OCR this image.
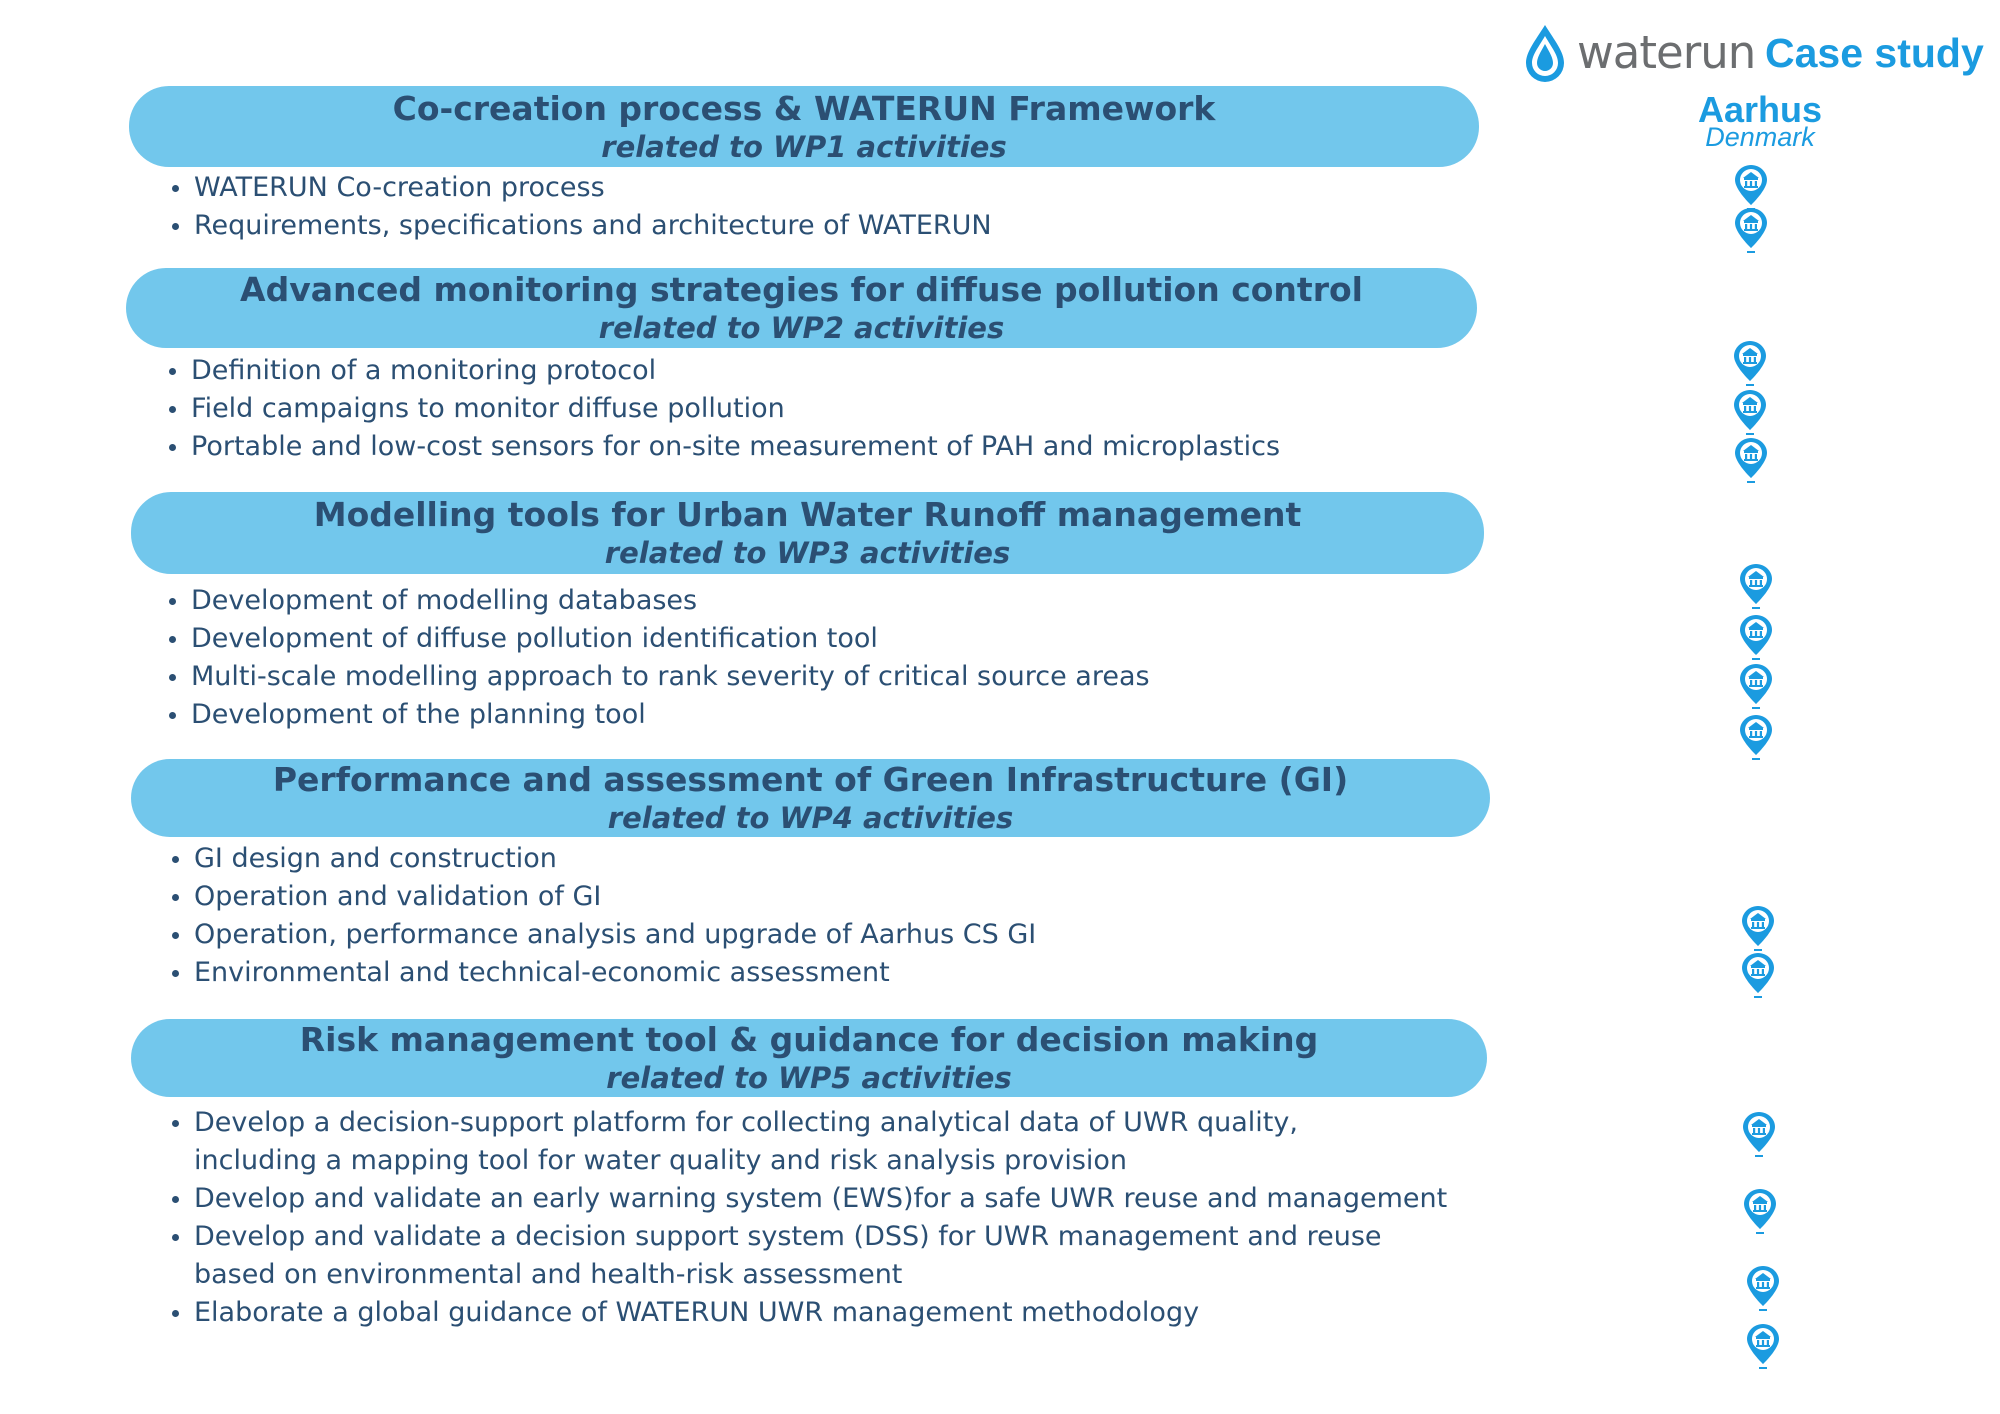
waterun Case study
Aarhus
Denmark
Co-creation process & WATERUN Framework
related to WP1 activities
WATERUN Co-creation process
Requirements, specifications and architecture of WATERUN
Advanced monitoring strategies for diffuse pollution control
related to WP2 activities
Definition of a monitoring protocol
Field campaigns to monitor diffuse pollution
Portable and low-cost sensors for on-site measurement of PAH and microplastics
Modelling tools for Urban Water Runoff management
related to WP3 activities
Development of modelling databases
Development of diffuse pollution identification tool
Multi-scale modelling approach to rank severity of critical source areas
Development of the planning tool
Performance and assessment of Green Infrastructure (GI)
related to WP4 activities
GI design and construction
Operation and validation of GI
Operation, performance analysis and upgrade of Aarhus CS GI
Environmental and technical-economic assessment
Risk management tool & guidance for decision making
related to WP5 activities
Develop a decision-support platform for collecting analytical data of UWR quality,
including a mapping tool for water quality and risk analysis provision
Develop and validate an early warning system (EWS)for a safe UWR reuse and management
Develop and validate a decision support system (DSS) for UWR management and reuse
based on environmental and health-risk assessment
Elaborate a global guidance of WATERUN UWR management methodology
